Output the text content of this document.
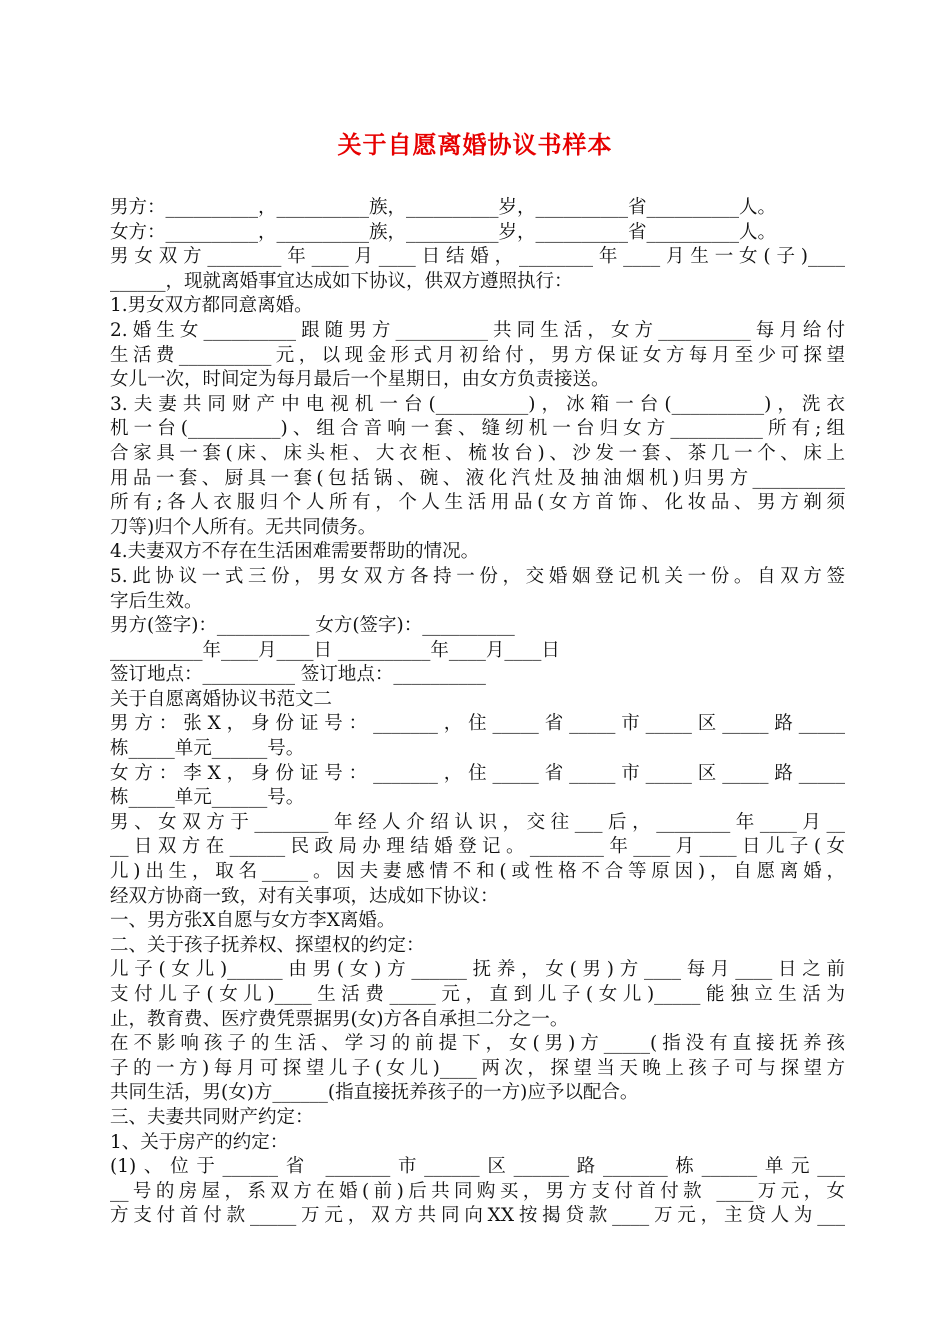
关于自愿离婚协议书样本
男方：__________，__________族，__________岁，__________省__________人。
女方：__________，__________族，__________岁，__________省__________人。
男女双方________年____月____日结婚，________年____月生一女(子)____
______，现就离婚事宜达成如下协议，供双方遵照执行：
1.男女双方都同意离婚。
2.婚生女__________跟随男方__________共同生活，女方__________每月给付
生活费__________元，以现金形式月初给付，男方保证女方每月至少可探望
女儿一次，时间定为每月最后一个星期日，由女方负责接送。
3.夫妻共同财产中电视机一台(__________)，冰箱一台(__________)，洗衣
机一台(__________)、组合音响一套、缝纫机一台归女方__________所有;组
合家具一套(床、床头柜、大衣柜、梳妆台)、沙发一套、茶几一个、床上
用品一套、厨具一套(包括锅、碗、液化汽灶及抽油烟机)归男方__________
所有;各人衣服归个人所有，个人生活用品(女方首饰、化妆品、男方剃须
刀等)归个人所有。无共同债务。
4.夫妻双方不存在生活困难需要帮助的情况。
5.此协议一式三份，男女双方各持一份，交婚姻登记机关一份。自双方签
字后生效。
男方(签字)：__________ 女方(签字)：__________
__________年____月____日 __________年____月____日
签订地点：__________ 签订地点：__________
关于自愿离婚协议书范文二
男方：张X，身份证号：_______，住_____省_____市_____区_____路_____
栋_____单元______号。
女方：李X，身份证号：_______，住_____省_____市_____区_____路_____
栋_____单元______号。
男、女双方于________年经人介绍认识，交往___后，________年____月__
__日双方在______民政局办理结婚登记。________年____月____日儿子(女
儿)出生，取名_____。因夫妻感情不和(或性格不合等原因)，自愿离婚，
经双方协商一致，对有关事项，达成如下协议：
一、男方张X自愿与女方李X离婚。
二、关于孩子抚养权、探望权的约定：
儿子(女儿)______由男(女)方______抚养，女(男)方____每月____日之前
支付儿子(女儿)____生活费_____元，直到儿子(女儿)_____能独立生活为
止，教育费、医疗费凭票据男(女)方各自承担二分之一。
在不影响孩子的生活、学习的前提下，女(男)方_____(指没有直接抚养孩
子的一方)每月可探望儿子(女儿)____两次，探望当天晚上孩子可与探望方
共同生活，男(女)方______(指直接抚养孩子的一方)应予以配合。
三、夫妻共同财产约定：
1、关于房产的约定：
(1)、位于______省 _______市______区______路_______栋______单元___
__号的房屋，系双方在婚(前)后共同购买，男方支付首付款 ____万元，女
方支付首付款_____万元，双方共同向XX按揭贷款____万元，主贷人为___
